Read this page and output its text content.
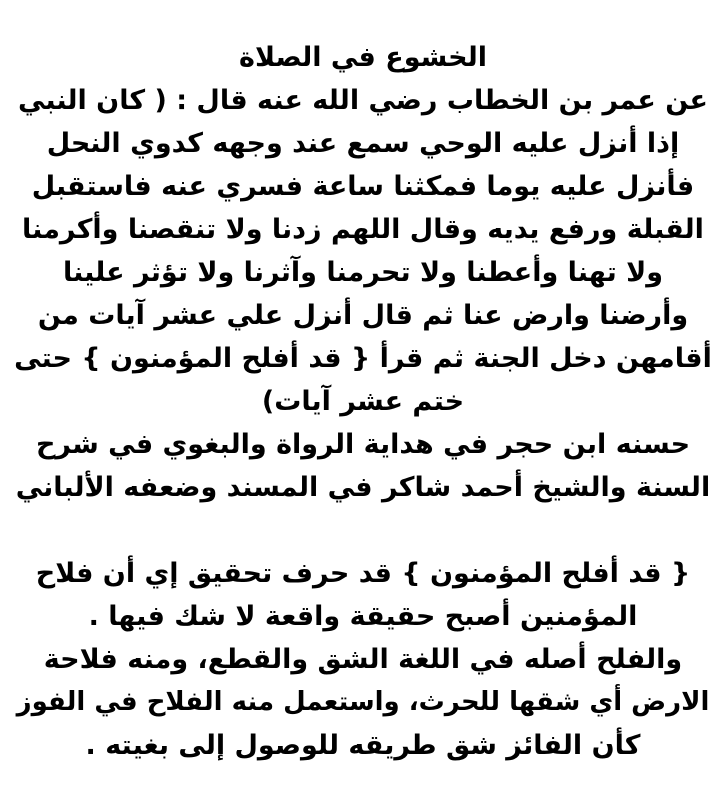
الخشوع في الصلاة
عن عمر بن الخطاب رضي الله عنه قال : ( كان النبي
إذا أنزل عليه الوحي سمع عند وجهه كدوي النحل
فأنزل عليه يوما فمكثنا ساعة فسري عنه فاستقبل
القبلة ورفع يديه وقال اللهم زدنا ولا تنقصنا وأكرمنا
ولا تهنا وأعطنا ولا تحرمنا وآثرنا ولا تؤثر علينا
وأرضنا وارض عنا ثم قال أنزل علي عشر آيات من
أقامهن دخل الجنة ثم قرأ { قد أفلح المؤمنون } حتى
ختم عشر آيات)
حسنه ابن حجر في هداية الرواة والبغوي في شرح
السنة والشيخ أحمد شاكر في المسند وضعفه الألباني
{ قد أفلح المؤمنون } قد حرف تحقيق إي أن فلاح
المؤمنين أصبح حقيقة واقعة لا شك فيها .
والفلح أصله في اللغة الشق والقطع، ومنه فلاحة
الارض أي شقها للحرث، واستعمل منه الفلاح في الفوز
كأن الفائز شق طريقه للوصول إلى بغيته .
